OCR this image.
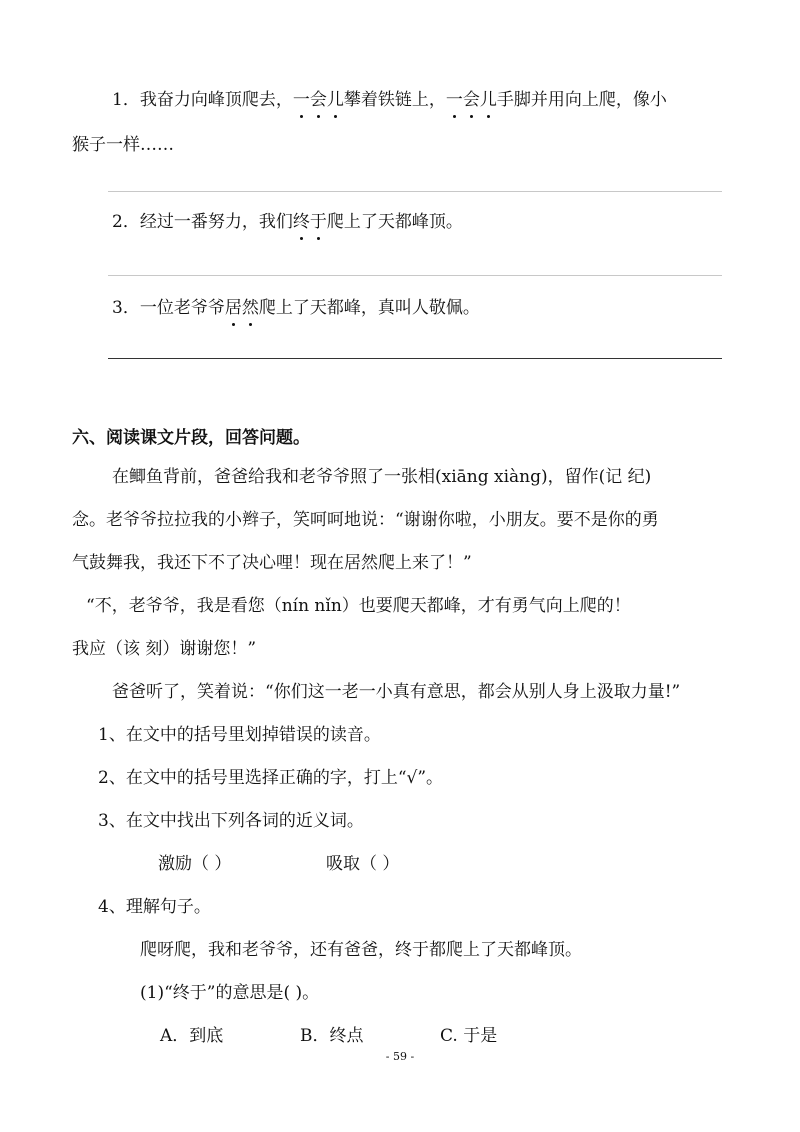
1．我奋力向峰顶爬去，一会儿攀着铁链上，一会儿手脚并用向上爬，像小
猴子一样……
2．经过一番努力，我们终于爬上了天都峰顶。
3．一位老爷爷居然爬上了天都峰，真叫人敬佩。
六、阅读课文片段，回答问题。
在鲫鱼背前，爸爸给我和老爷爷照了一张相(xiāng xiàng)，留作(记 纪)
念。老爷爷拉拉我的小辫子，笑呵呵地说：“谢谢你啦，小朋友。要不是你的勇
气鼓舞我，我还下不了决心哩！现在居然爬上来了！”
“不，老爷爷，我是看您（nín nǐn）也要爬天都峰，才有勇气向上爬的！
我应（该 刻）谢谢您！”
爸爸听了，笑着说：“你们这一老一小真有意思，都会从别人身上汲取力量!”
1、在文中的括号里划掉错误的读音。
2、在文中的括号里选择正确的字，打上“√”。
3、在文中找出下列各词的近义词。
激励（ ）	吸取（ ）
4、理解句子。
爬呀爬，我和老爷爷，还有爸爸，终于都爬上了天都峰顶。
(1)“终于”的意思是( )。
A．到底	B．终点	C. 于是
- 59 -
